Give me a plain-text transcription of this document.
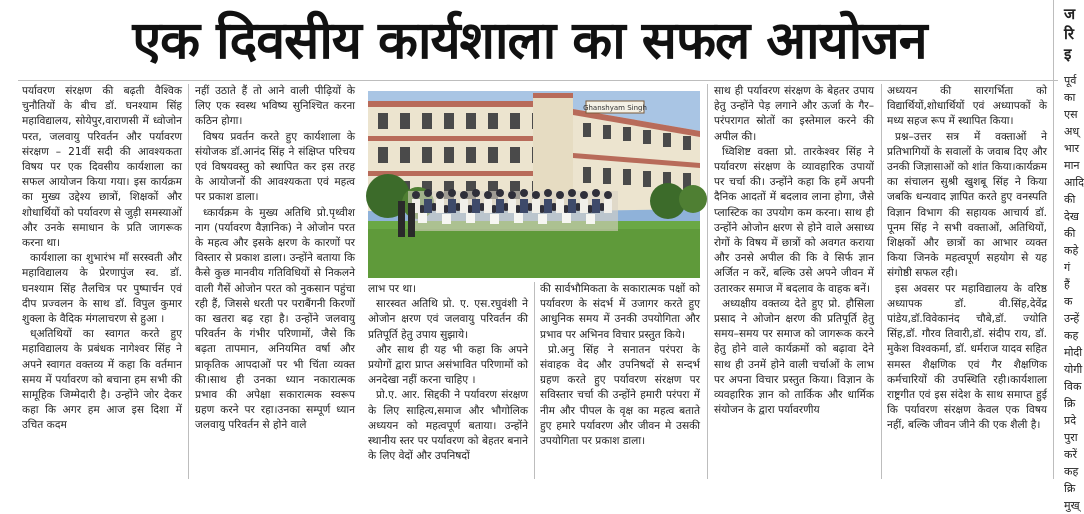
एक दिवसीय कार्यशाला का सफल आयोजन

पर्यावरण संरक्षण की बढ़ती वैश्विक चुनौतियों के बीच डॉ. घनश्याम सिंह महाविद्यालय, सोयेपुर,वाराणसी में ध्वोजोन परत, जलवायु परिवर्तन और पर्यावरण संरक्षण – 21वीं सदी की आवश्यकता विषय पर एक दिवसीय कार्यशाला का सफल आयोजन किया गया। इस कार्यक्रम का मुख्य उद्देश्य छात्रों, शिक्षकों और शोधार्थियों को पर्यावरण से जुड़ी समस्याओं और उनके समाधान के प्रति जागरूक करना था।

कार्यशाला का शुभारंभ माँ सरस्वती और महाविद्यालय के प्रेरणापुंज स्व. डॉ. घनश्याम सिंह तैलचित्र पर पुष्पार्चन एवं दीप प्रज्वलन के साथ डॉ. विपुल कुमार शुक्ला के वैदिक मंगलाचरण से हुआ ।

ध्अतिथियों का स्वागत करते हुए महाविद्यालय के प्रबंधक नागेश्वर सिंह ने अपने स्वागत वक्तव्य में कहा कि वर्तमान समय में पर्यावरण को बचाना हम सभी की सामूहिक जिम्मेदारी है। उन्होंने जोर देकर कहा कि अगर हम आज इस दिशा में उचित कदम

नहीं उठाते हैं तो आने वाली पीढ़ियों के लिए एक स्वस्थ भविष्य सुनिश्चित करना कठिन होगा।

विषय प्रवर्तन करते हुए कार्यशाला के संयोजक डॉ.आनंद सिंह ने संक्षिप्त परिचय एवं विषयवस्तु को स्थापित कर इस तरह के आयोजनों की आवश्यकता एवं महत्व पर प्रकाश डाला।

ध्कार्यक्रम के मुख्य अतिथि प्रो.पृथ्वीश नाग (पर्यावरण वैज्ञानिक) ने ओजोन परत के महत्व और इसके क्षरण के कारणों पर विस्तार से प्रकाश डाला। उन्होंने बताया कि कैसे कुछ मानवीय गतिविधियों से निकलने वाली गैसें ओजोन परत को नुकसान पहुंचा रही हैं, जिससे धरती पर पराबैंगनी किरणों का खतरा बढ़ रहा है। उन्होंने जलवायु परिवर्तन के गंभीर परिणामों, जैसे कि बढ़ता तापमान, अनियमित वर्षा और प्राकृतिक आपदाओं पर भी चिंता व्यक्त की।साथ ही उनका ध्यान नकारात्मक प्रभाव की अपेक्षा सकारात्मक स्वरूप ग्रहण करने पर रहा।उनका सम्पूर्ण ध्यान जलवायु परिवर्तन से होने वाले

Ghanshyam Singh

लाभ पर था।

सारस्वत अतिथि प्रो. ए. एस.रघुवंशी ने ओजोन क्षरण एवं जलवायु परिवर्तन की प्रतिपूर्ति हेतु उपाय सुझाये।

और साथ ही यह भी कहा कि अपने प्रयोगों द्वारा प्राप्त असंभावित परिणामों को अनदेखा नहीं करना चाहिए ।

प्रो.ए. आर. सिद्दकी ने पर्यावरण संरक्षण के लिए साहित्य,समाज और भौगोलिक अध्ययन को महत्वपूर्ण बताया। उन्होंने स्थानीय स्तर पर पर्यावरण को बेहतर बनाने के लिए वेदों और उपनिषदों

की सार्वभौमिकता के सकारात्मक पक्षों को पर्यावरण के संदर्भ में उजागर करते हुए आधुनिक समय में उनकी उपयोगिता और प्रभाव पर अभिनव विचार प्रस्तुत किये।

प्रो.अनु सिंह ने सनातन परंपरा के संवाहक वेद और उपनिषदों से सन्दर्भ ग्रहण करते हुए पर्यावरण संरक्षण पर सविस्तार चर्चा की उन्होंने हमारी परंपरा में नीम और पीपल के वृक्ष का महत्व बताते हुए हमारे पर्यावरण और जीवन मे उसकी उपयोगिता पर प्रकाश डाला।

साथ ही पर्यावरण संरक्षण के बेहतर उपाय हेतु उन्होंने पेड़ लगाने और ऊर्जा के गैर–परंपरागत स्रोतों का इस्तेमाल करने की अपील की।

ध्विशिष्ट वक्ता प्रो. तारकेश्वर सिंह ने पर्यावरण संरक्षण के व्यावहारिक उपायों पर चर्चा की। उन्होंने कहा कि हमें अपनी दैनिक आदतों में बदलाव लाना होगा, जैसे प्लास्टिक का उपयोग कम करना। साथ ही उन्होंने ओजोन क्षरण से होने वाले असाध्य रोगों के विषय में छात्रों को अवगत कराया और उनसे अपील की कि वे सिर्फ ज्ञान अर्जित न करें, बल्कि उसे अपने जीवन में उतारकर समाज में बदलाव के वाहक बनें।

अध्यक्षीय वक्तव्य देते हुए प्रो. हौसिला प्रसाद ने ओजोन क्षरण की प्रतिपूर्ति हेतु समय–समय पर समाज को जागरूक करने हेतु होने वाले कार्यक्रमों को बढ़ावा देने साथ ही उनमें होने वाली चर्चाओं के लाभ पर अपना विचार प्रस्तुत किया। विज्ञान के व्यवहारिक ज्ञान को तार्किक और धार्मिक संयोजन के द्वारा पर्यावरणीय

अध्ययन की सारगर्भिता को विद्यार्थियों,शोधार्थियों एवं अध्यापकों के मध्य सहज रूप में स्थापित किया।

प्रश्न–उत्तर सत्र में वक्ताओं ने प्रतिभागियों के सवालों के जवाब दिए और उनकी जिज्ञासाओं को शांत किया।कार्यक्रम का संचालन सुश्री खुशबू सिंह ने किया जबकि धन्यवाद ज्ञापित करते हुए वनस्पति विज्ञान विभाग की सहायक आचार्य डॉ. पूनम सिंह ने सभी वक्ताओं, अतिथियों, शिक्षकों और छात्रों का आभार व्यक्त किया जिनके महत्वपूर्ण सहयोग से यह संगोष्ठी सफल रही।

इस अवसर पर महाविद्यालय के वरिष्ठ अध्यापक डॉ. वी.सिंह,देवेंद्र पांडेय,डॉ.विवेकानंद चौबे,डॉ. ज्योति सिंह,डॉ. गौरव तिवारी,डॉ. संदीप राय, डॉ. मुकेश विश्वकर्मा, डॉ. धर्मराज यादव सहित समस्त शैक्षणिक एवं गैर शैक्षणिक कर्मचारियों की उपस्थिति रही।कार्यशाला राष्ट्रगीत एवं इस संदेश के साथ समाप्त हुई कि पर्यावरण संरक्षण केवल एक विषय नहीं, बल्कि जीवन जीने की एक शैली है।

ज
रि
इ
पूर्व
का
एस
अध्
भार
मान
आदि
की
देख
की
कहे
गं
हैं
क
उन्हें
कह
मोदी
योगी
विक
क्रि
प्रदे
पुरा
करें
कह
क्रि
मुख्
